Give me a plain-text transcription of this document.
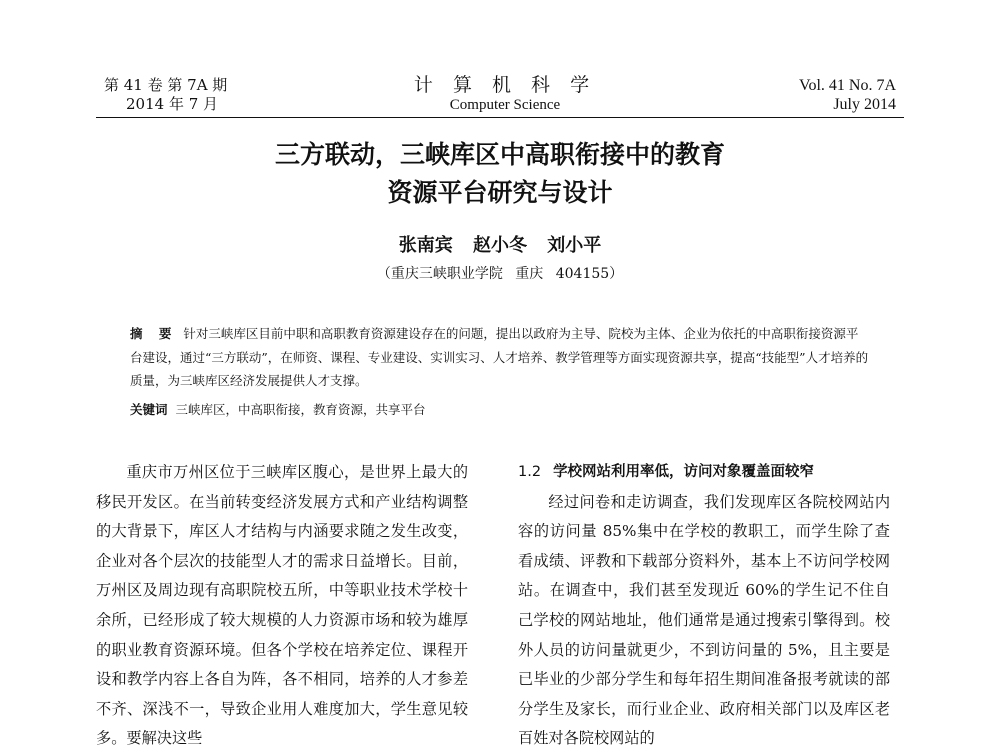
第 41 卷 第 7A 期
2014 年 7 月
计 算 机 科 学
Computer Science
Vol. 41 No. 7A
July 2014
三方联动，三峡库区中高职衔接中的教育
资源平台研究与设计
张南宾 赵小冬 刘小平
（重庆三峡职业学院 重庆 404155）
摘 要 针对三峡库区目前中职和高职教育资源建设存在的问题，提出以政府为主导、院校为主体、企业为依托的中高职衔接资源平台建设，通过“三方联动”，在师资、课程、专业建设、实训实习、人才培养、教学管理等方面实现资源共享，提高“技能型”人才培养的质量，为三峡库区经济发展提供人才支撑。
关键词 三峡库区，中高职衔接，教育资源，共享平台

重庆市万州区位于三峡库区腹心，是世界上最大的移民开发区。在当前转变经济发展方式和产业结构调整的大背景下，库区人才结构与内涵要求随之发生改变，企业对各个层次的技能型人才的需求日益增长。目前，万州区及周边现有高职院校五所，中等职业技术学校十余所，已经形成了较大规模的人力资源市场和较为雄厚的职业教育资源环境。但各个学校在培养定位、课程开设和教学内容上各自为阵，各不相同，培养的人才参差不齐、深浅不一，导致企业用人难度加大，学生意见较多。要解决这些

1.2 学校网站利用率低，访问对象覆盖面较窄

经过问卷和走访调查，我们发现库区各院校网站内容的访问量 85%集中在学校的教职工，而学生除了查看成绩、评教和下载部分资料外，基本上不访问学校网站。在调查中，我们甚至发现近 60%的学生记不住自己学校的网站地址，他们通常是通过搜索引擎得到。校外人员的访问量就更少，不到访问量的 5%，且主要是已毕业的少部分学生和每年招生期间准备报考就读的部分学生及家长，而行业企业、政府相关部门以及库区老百姓对各院校网站的
